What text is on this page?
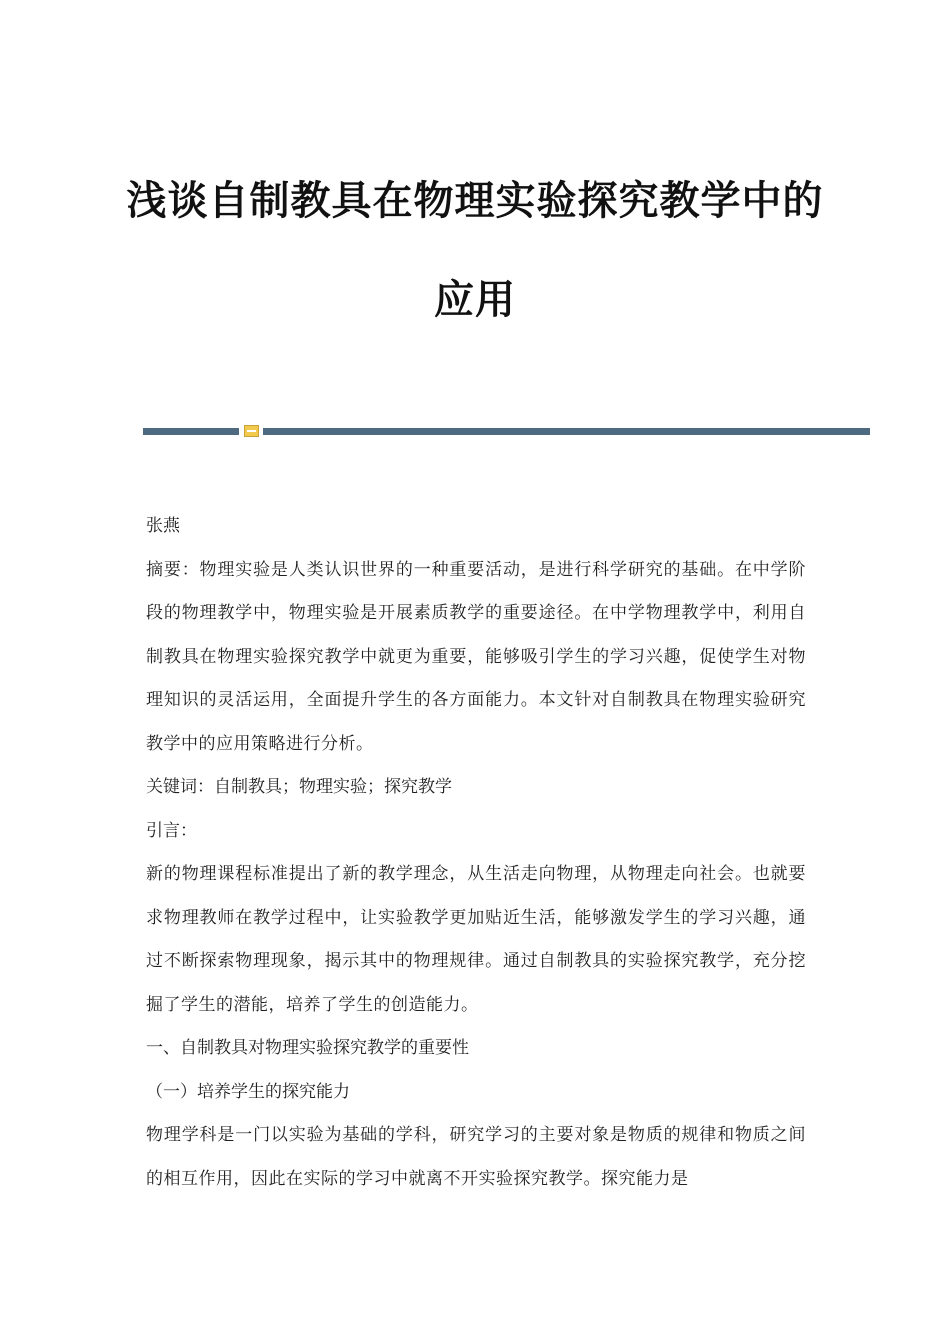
浅谈自制教具在物理实验探究教学中的
应用

张燕

摘要：物理实验是人类认识世界的一种重要活动，是进行科学研究的基础。在中学阶段的物理教学中，物理实验是开展素质教学的重要途径。在中学物理教学中，利用自制教具在物理实验探究教学中就更为重要，能够吸引学生的学习兴趣，促使学生对物理知识的灵活运用，全面提升学生的各方面能力。本文针对自制教具在物理实验研究教学中的应用策略进行分析。

关键词：自制教具；物理实验；探究教学

引言：

新的物理课程标准提出了新的教学理念，从生活走向物理，从物理走向社会。也就要求物理教师在教学过程中，让实验教学更加贴近生活，能够激发学生的学习兴趣，通过不断探索物理现象，揭示其中的物理规律。通过自制教具的实验探究教学，充分挖掘了学生的潜能，培养了学生的创造能力。

一、自制教具对物理实验探究教学的重要性

（一）培养学生的探究能力

物理学科是一门以实验为基础的学科，研究学习的主要对象是物质的规律和物质之间的相互作用，因此在实际的学习中就离不开实验探究教学。探究能力是
